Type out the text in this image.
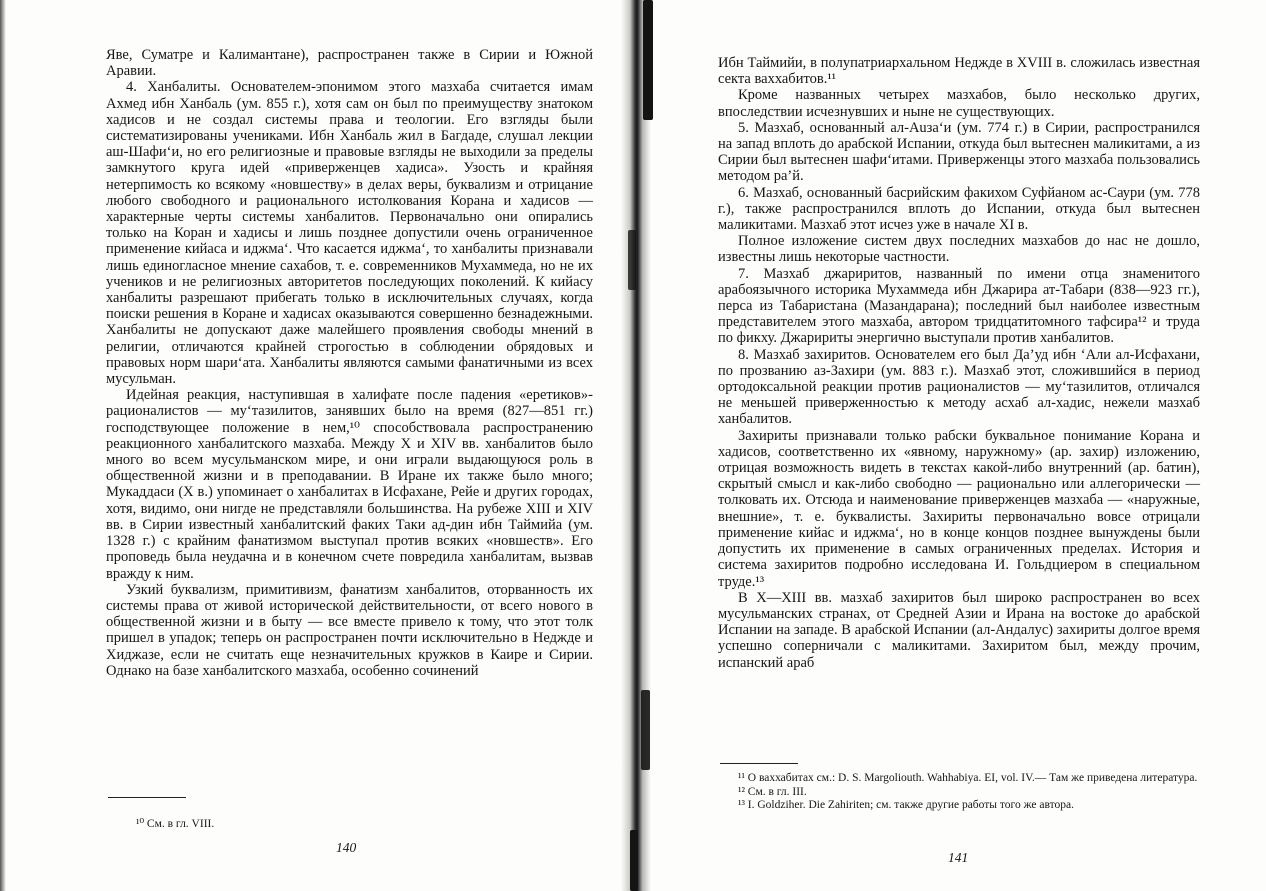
Яве, Суматре и Калимантане), распространен также в Сирии и Южной Аравии.

4. Ханбалиты. Основателем-эпонимом этого мазхаба считается имам Ахмед ибн Ханбаль (ум. 855 г.), хотя сам он был по преимуществу знатоком хадисов и не создал системы права и теологии. Его взгляды были систематизированы учениками. Ибн Ханбаль жил в Багдаде, слушал лекции аш-Шафи‘и, но его религиозные и правовые взгляды не выходили за пределы замкнутого круга идей «приверженцев хадиса». Узость и крайняя нетерпимость ко всякому «новшеству» в делах веры, буквализм и отрицание любого свободного и рационального истолкования Корана и хадисов — характерные черты системы ханбалитов. Первоначально они опирались только на Коран и хадисы и лишь позднее допустили очень ограниченное применение кийаса и иджма‘. Что касается иджма‘, то ханбалиты признавали лишь единогласное мнение сахабов, т. е. современников Мухаммеда, но не их учеников и не религиозных авторитетов последующих поколений. К кийасу ханбалиты разрешают прибегать только в исключительных случаях, когда поиски решения в Коране и хадисах оказываются совершенно безнадежными. Ханбалиты не допускают даже малейшего проявления свободы мнений в религии, отличаются крайней строгостью в соблюдении обрядовых и правовых норм шари‘ата. Ханбалиты являются самыми фанатичными из всех мусульман.

Идейная реакция, наступившая в халифате после падения «еретиков»-рационалистов — му‘тазилитов, занявших было на время (827—851 гг.) господствующее положение в нем,¹⁰ способствовала распространению реакционного ханбалитского мазхаба. Между X и XIV вв. ханбалитов было много во всем мусульманском мире, и они играли выдающуюся роль в общественной жизни и в преподавании. В Иране их также было много; Мукаддаси (X в.) упоминает о ханбалитах в Исфахане, Рейе и других городах, хотя, видимо, они нигде не представляли большинства. На рубеже XIII и XIV вв. в Сирии известный ханбалитский факих Таки ад-дин ибн Таймийа (ум. 1328 г.) с крайним фанатизмом выступал против всяких «новшеств». Его проповедь была неудачна и в конечном счете повредила ханбалитам, вызвав вражду к ним.

Узкий буквализм, примитивизм, фанатизм ханбалитов, оторванность их системы права от живой исторической действительности, от всего нового в общественной жизни и в быту — все вместе привело к тому, что этот толк пришел в упадок; теперь он распространен почти исключительно в Неджде и Хиджазе, если не считать еще незначительных кружков в Каире и Сирии. Однако на базе ханбалитского мазхаба, особенно сочинений

¹⁰ См. в гл. VIII.

140

Ибн Таймийи, в полупатриархальном Неджде в XVIII в. сложилась известная секта ваххабитов.¹¹

Кроме названных четырех мазхабов, было несколько других, впоследствии исчезнувших и ныне не существующих.

5. Мазхаб, основанный ал-Auза‘и (ум. 774 г.) в Сирии, распространился на запад вплоть до арабской Испании, откуда был вытеснен маликитами, а из Сирии был вытеснен шафи‘итами. Приверженцы этого мазхаба пользовались методом ра’й.

6. Мазхаб, основанный басрийским факихом Суфйаном ас-Саури (ум. 778 г.), также распространился вплоть до Испании, откуда был вытеснен маликитами. Мазхаб этот исчез уже в начале XI в.

Полное изложение систем двух последних мазхабов до нас не дошло, известны лишь некоторые частности.

7. Мазхаб джариритов, названный по имени отца знаменитого арабоязычного историка Мухаммеда ибн Джарира ат-Табари (838—923 гг.), перса из Табаристана (Мазандарана); последний был наиболее известным представителем этого мазхаба, автором тридцатитомного тафсира¹² и труда по фикху. Джаририты энергично выступали против ханбалитов.

8. Мазхаб захиритов. Основателем его был Да’уд ибн ‘Али ал-Исфахани, по прозванию аз-Захири (ум. 883 г.). Мазхаб этот, сложившийся в период ортодоксальной реакции против рационалистов — му‘тазилитов, отличался не меньшей приверженностью к методу асхаб ал-хадис, нежели мазхаб ханбалитов.

Захириты признавали только рабски буквальное понимание Корана и хадисов, соответственно их «явному, наружному» (ар. захир) изложению, отрицая возможность видеть в текстах какой-либо внутренний (ар. батин), скрытый смысл и как-либо свободно — рационально или аллегорически — толковать их. Отсюда и наименование приверженцев мазхаба — «наружные, внешние», т. е. буквалисты. Захириты первоначально вовсе отрицали применение кийас и иджма‘, но в конце концов позднее вынуждены были допустить их применение в самых ограниченных пределах. История и система захиритов подробно исследована И. Гольдциером в специальном труде.¹³

В X—XIII вв. мазхаб захиритов был широко распространен во всех мусульманских странах, от Средней Азии и Ирана на востоке до арабской Испании на западе. В арабской Испании (ал-Андалус) захириты долгое время успешно соперничали с маликитами. Захиритом был, между прочим, испанский араб

¹¹ О ваххабитах см.: D. S. Margoliouth. Wahhabiya. EI, vol. IV.— Там же приведена литература.

¹² См. в гл. III.

¹³ I. Goldziher. Die Zahiriten; см. также другие работы того же автора.

141
